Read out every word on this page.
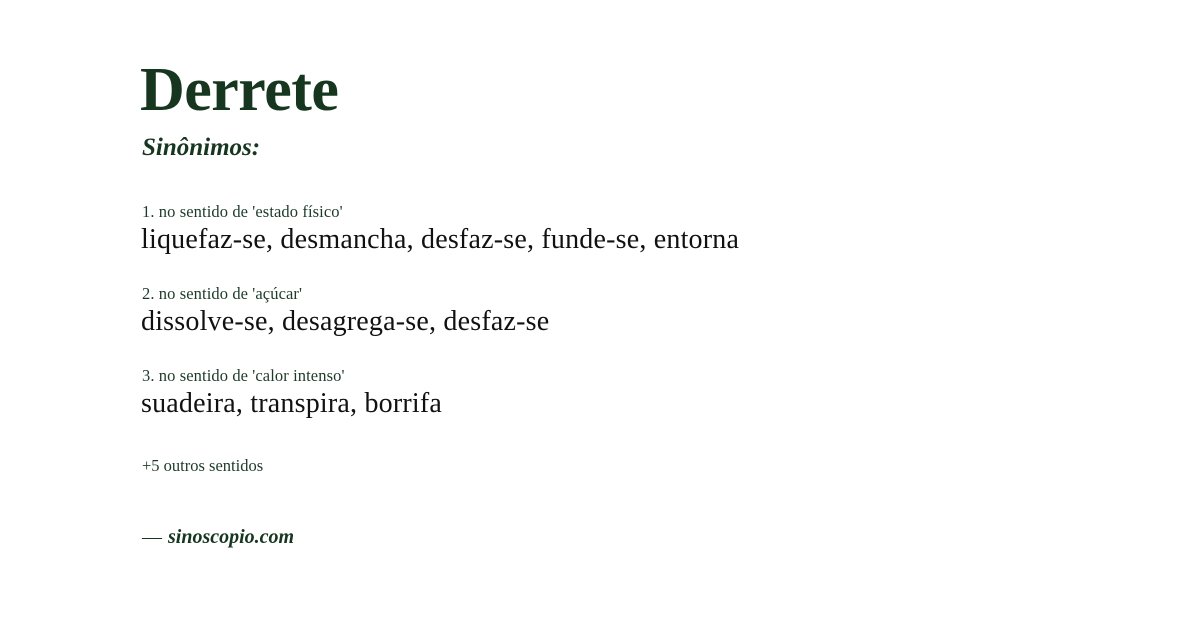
Derrete
Sinônimos:
1. no sentido de 'estado físico'
liquefaz-se, desmancha, desfaz-se, funde-se, entorna
2. no sentido de 'açúcar'
dissolve-se, desagrega-se, desfaz-se
3. no sentido de 'calor intenso'
suadeira, transpira, borrifa
+5 outros sentidos
— sinoscopio.com
